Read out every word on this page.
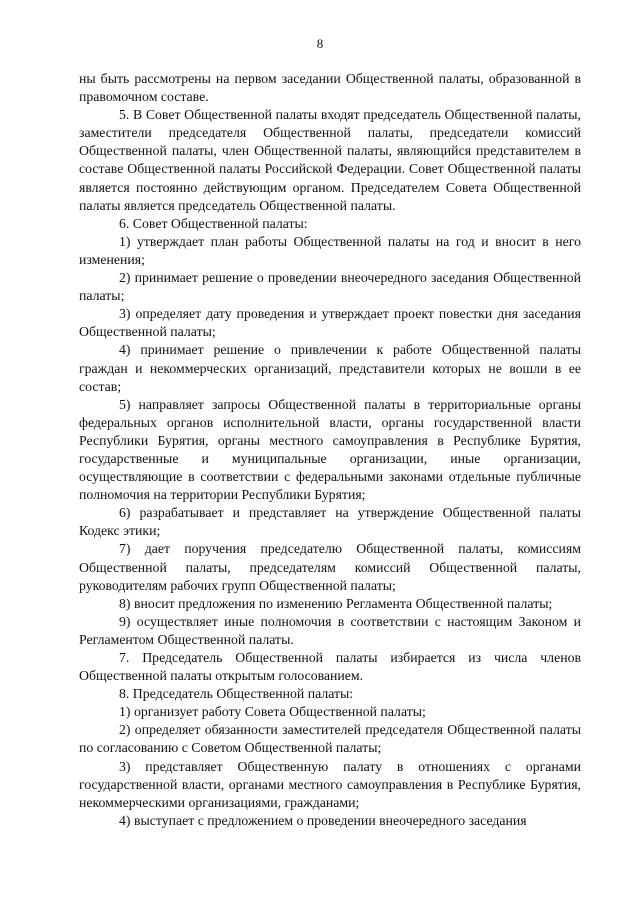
8

ны быть рассмотрены на первом заседании Общественной палаты, образованной в правомочном составе.

5. В Совет Общественной палаты входят председатель Общественной палаты, заместители председателя Общественной палаты, председатели комиссий Общественной палаты, член Общественной палаты, являющийся представителем в составе Общественной палаты Российской Федерации. Совет Общественной палаты является постоянно действующим органом. Председателем Совета Общественной палаты является председатель Общественной палаты.

6. Совет Общественной палаты:

1) утверждает план работы Общественной палаты на год и вносит в него изменения;

2) принимает решение о проведении внеочередного заседания Общественной палаты;

3) определяет дату проведения и утверждает проект повестки дня заседания Общественной палаты;

4) принимает решение о привлечении к работе Общественной палаты граждан и некоммерческих организаций, представители которых не вошли в ее состав;

5) направляет запросы Общественной палаты в территориальные органы федеральных органов исполнительной власти, органы государственной власти Республики Бурятия, органы местного самоуправления в Республике Бурятия, государственные и муниципальные организации, иные организации, осуществляющие в соответствии с федеральными законами отдельные публичные полномочия на территории Республики Бурятия;

6) разрабатывает и представляет на утверждение Общественной палаты Кодекс этики;

7) дает поручения председателю Общественной палаты, комиссиям Общественной палаты, председателям комиссий Общественной палаты, руководителям рабочих групп Общественной палаты;

8) вносит предложения по изменению Регламента Общественной палаты;

9) осуществляет иные полномочия в соответствии с настоящим Законом и Регламентом Общественной палаты.

7. Председатель Общественной палаты избирается из числа членов Общественной палаты открытым голосованием.

8. Председатель Общественной палаты:

1) организует работу Совета Общественной палаты;

2) определяет обязанности заместителей председателя Общественной палаты по согласованию с Советом Общественной палаты;

3) представляет Общественную палату в отношениях с органами государственной власти, органами местного самоуправления в Республике Бурятия, некоммерческими организациями, гражданами;

4) выступает с предложением о проведении внеочередного заседания
